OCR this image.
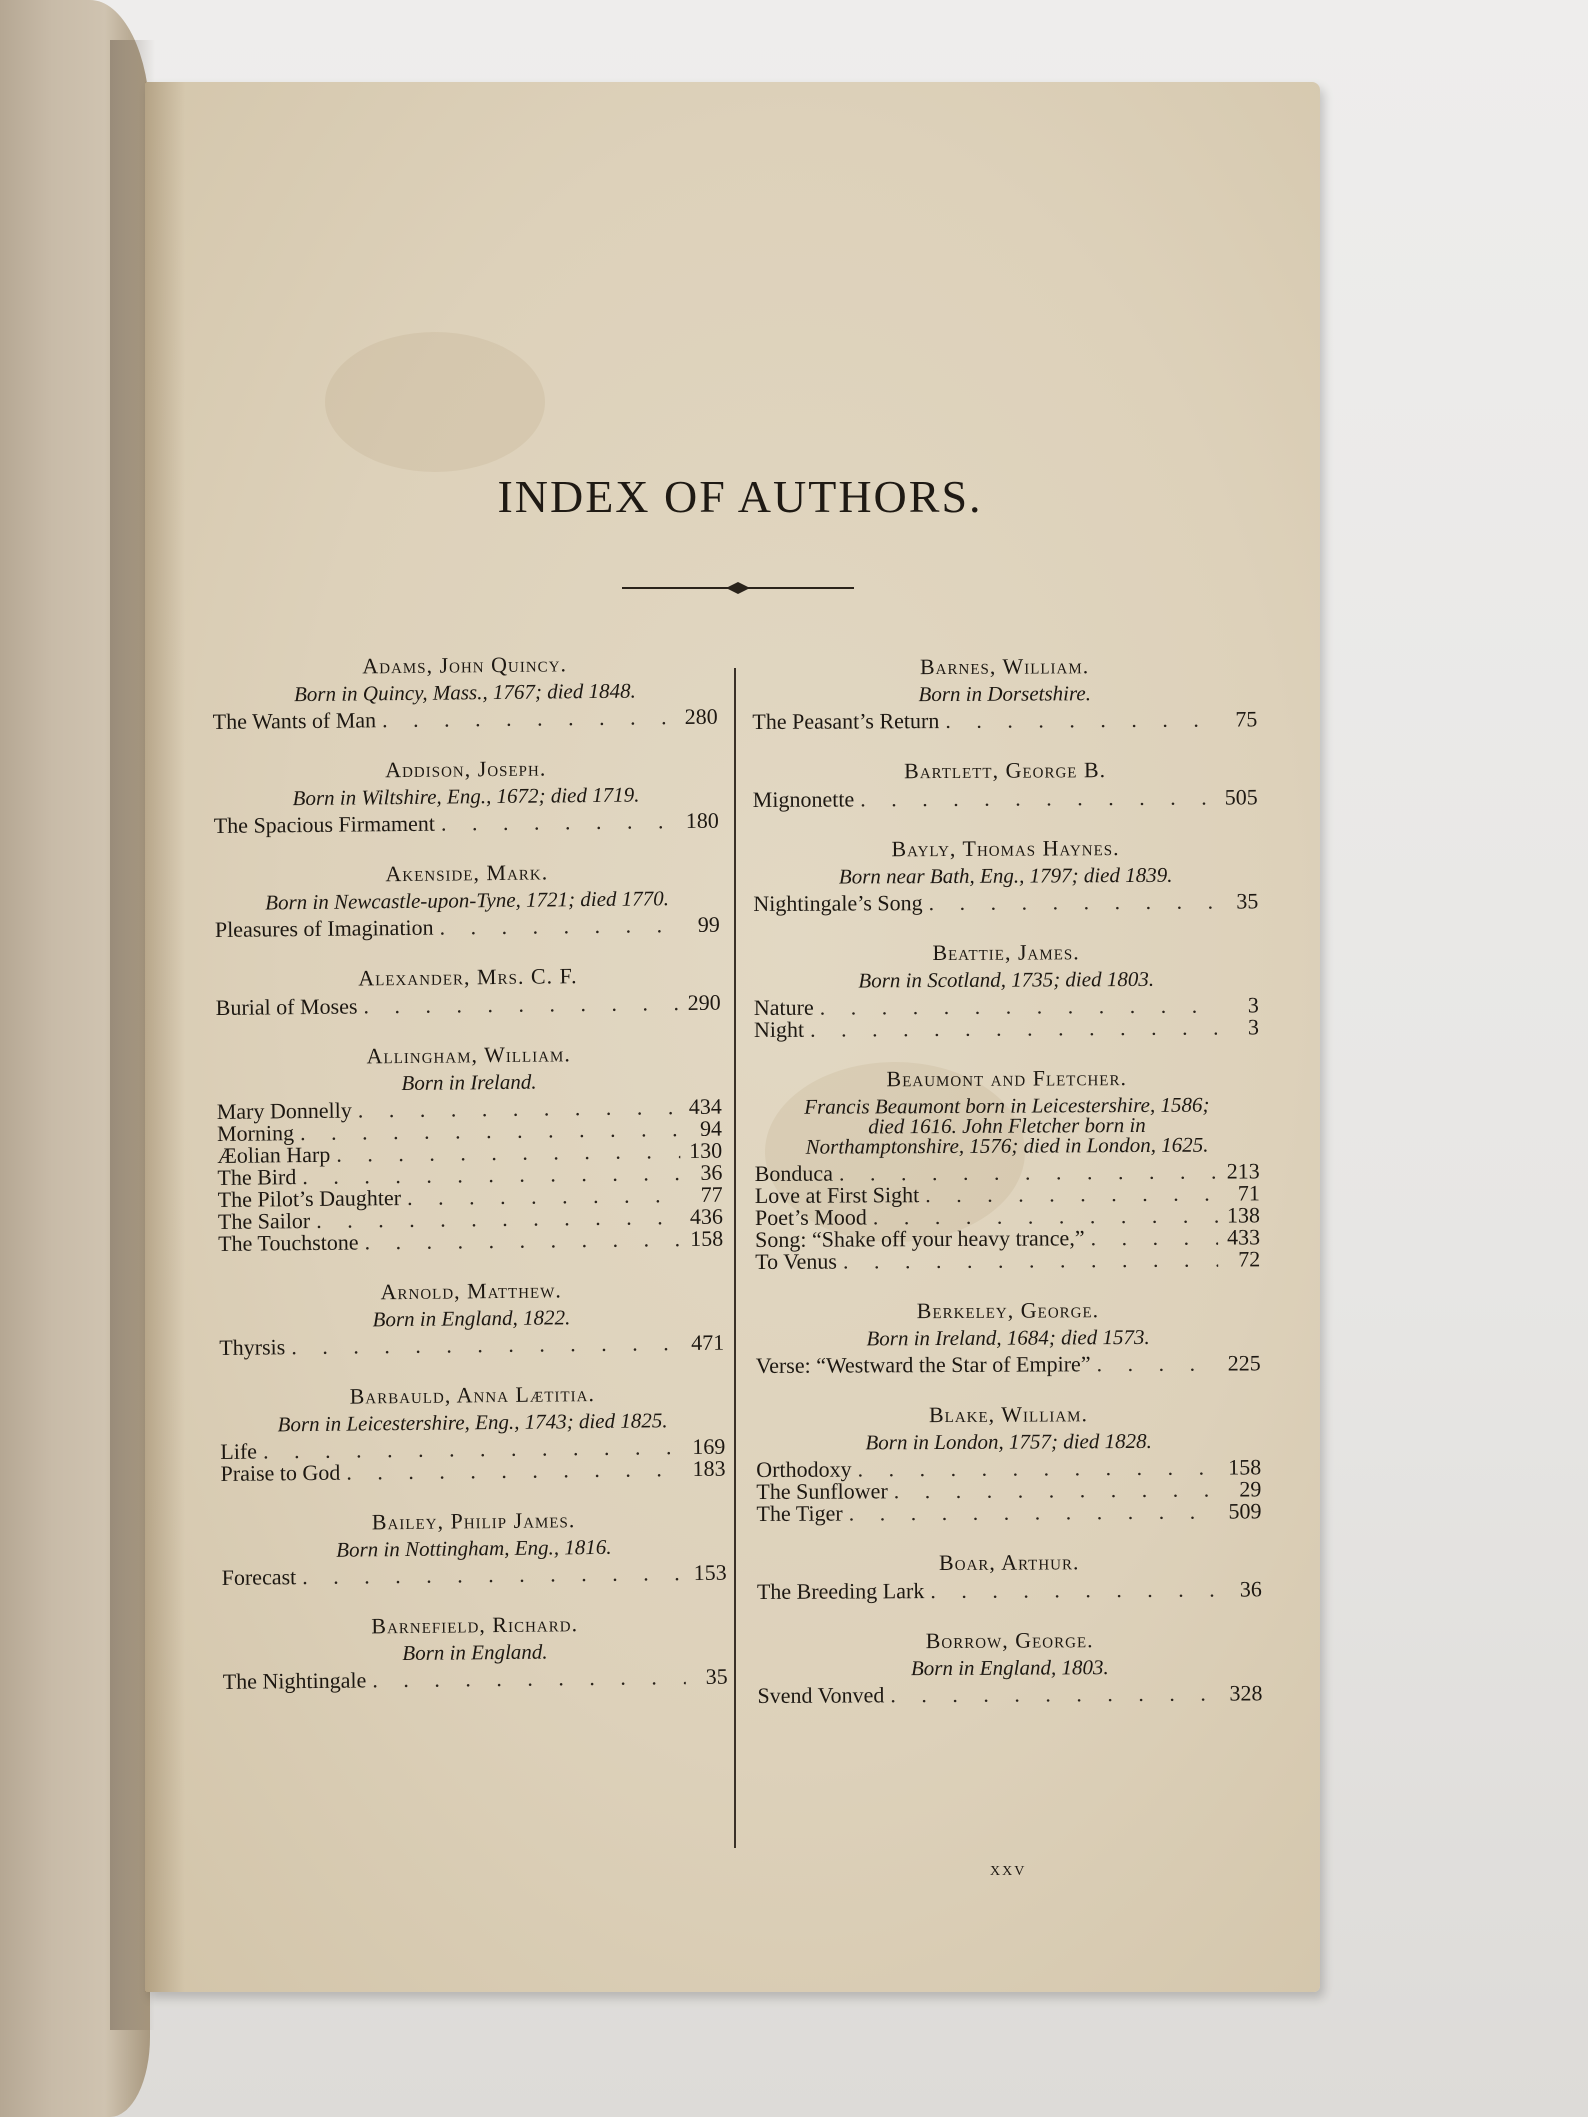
INDEX OF AUTHORS.
Adams, John Quincy.
Born in Quincy, Mass., 1767; died 1848.
The Wants of Man . . .	280
Addison, Joseph.
Born in Wiltshire, Eng., 1672; died 1719.
The Spacious Firmament . . .	180
Akenside, Mark.
Born in Newcastle-upon-Tyne, 1721; died 1770.
Pleasures of Imagination . . .	99
Alexander, Mrs. C. F.
Burial of Moses . . .	290
Allingham, William.
Born in Ireland.
Mary Donnelly . . .	434
Morning . . .	94
Æolian Harp . . .	130
The Bird . . .	36
The Pilot’s Daughter . . .	77
The Sailor . . .	436
The Touchstone . . .	158
Arnold, Matthew.
Born in England, 1822.
Thyrsis . . .	471
Barbauld, Anna Lætitia.
Born in Leicestershire, Eng., 1743; died 1825.
Life . . .	169
Praise to God . . .	183
Bailey, Philip James.
Born in Nottingham, Eng., 1816.
Forecast . . .	153
Barnefield, Richard.
Born in England.
The Nightingale . . .	35
Barnes, William.
Born in Dorsetshire.
The Peasant’s Return . . .	75
Bartlett, George B.
Mignonette . . .	505
Bayly, Thomas Haynes.
Born near Bath, Eng., 1797; died 1839.
Nightingale’s Song . . .	35
Beattie, James.
Born in Scotland, 1735; died 1803.
Nature . . .	3
Night . . .	3
Beaumont and Fletcher.
Francis Beaumont born in Leicestershire, 1586; died 1616. John Fletcher born in Northamptonshire, 1576; died in London, 1625.
Bonduca . . .	213
Love at First Sight . . .	71
Poet’s Mood . . .	138
Song: “Shake off your heavy trance,” . . .	433
To Venus . . .	72
Berkeley, George.
Born in Ireland, 1684; died 1573.
Verse: “Westward the Star of Empire” . . .	225
Blake, William.
Born in London, 1757; died 1828.
Orthodoxy . . .	158
The Sunflower . . .	29
The Tiger . . .	509
Boar, Arthur.
The Breeding Lark . . .	36
Borrow, George.
Born in England, 1803.
Svend Vonved . . .	328
xxv
